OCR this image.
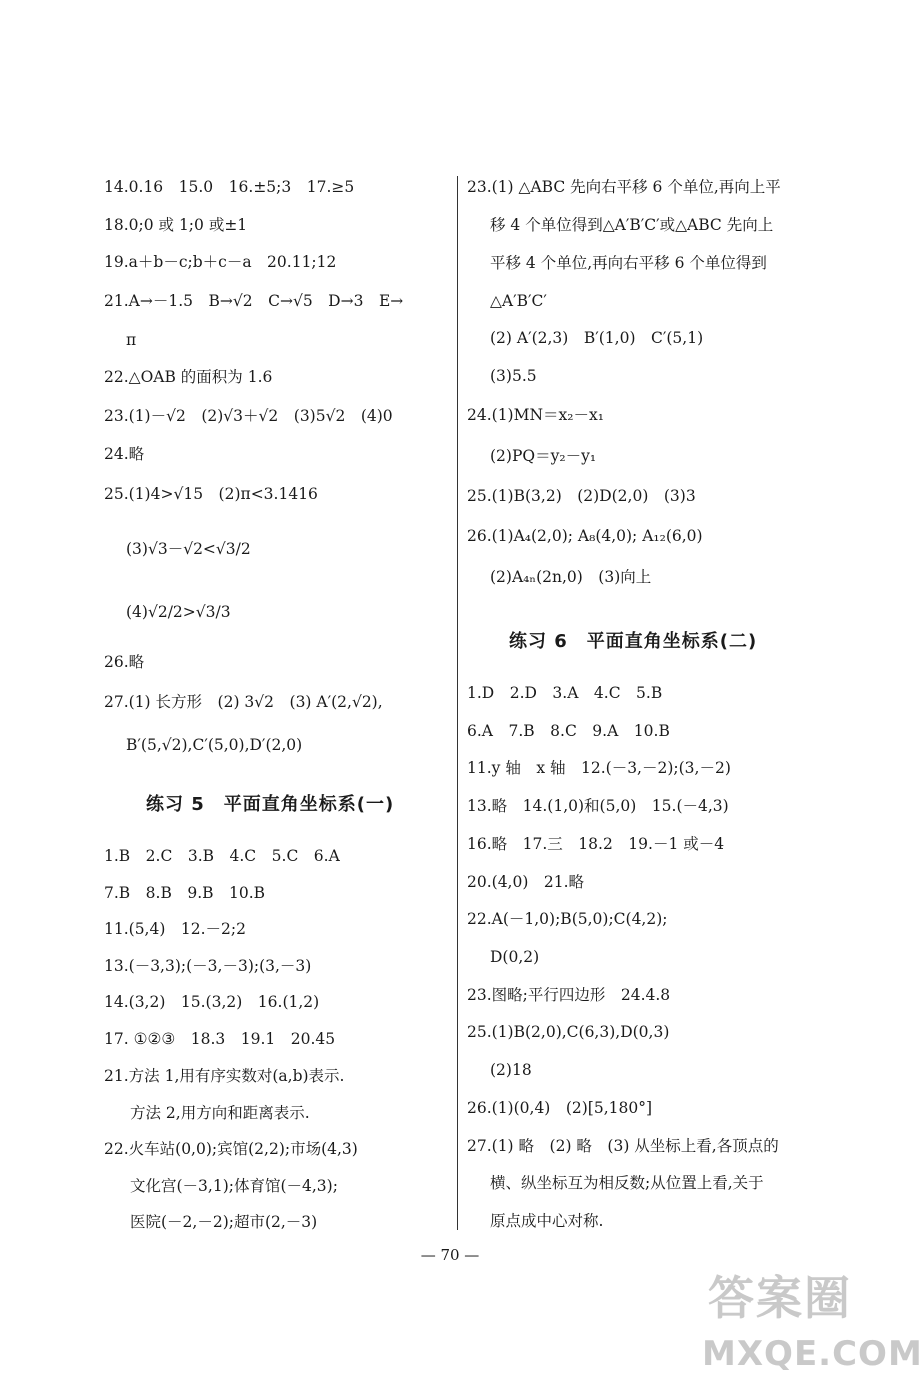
14.0.16　15.0　16.±5;3　17.≥5
18.0;0 或 1;0 或±1
19.a＋b－c;b＋c－a　20.11;12
21.A→－1.5　B→√2　C→√5　D→3　E→
π
22.△OAB 的面积为 1.6
23.(1)－√2　(2)√3＋√2　(3)5√2　(4)0
24.略
25.(1)4>√15　(2)π<3.1416
(3)√3－√2<√3/2
(4)√2/2>√3/3
26.略
27.(1) 长方形　(2) 3√2　(3) A′(2,√2),
B′(5,√2),C′(5,0),D′(2,0)
练习 5　平面直角坐标系(一)
1.B　2.C　3.B　4.C　5.C　6.A
7.B　8.B　9.B　10.B
11.(5,4)　12.－2;2
13.(－3,3);(－3,－3);(3,－3)
14.(3,2)　15.(3,2)　16.(1,2)
17. ①②③　18.3　19.1　20.45
21.方法 1,用有序实数对(a,b)表示.
方法 2,用方向和距离表示.
22.火车站(0,0);宾馆(2,2);市场(4,3)
文化宫(－3,1);体育馆(－4,3);
医院(－2,－2);超市(2,－3)
23.(1) △ABC 先向右平移 6 个单位,再向上平
移 4 个单位得到△A′B′C′或△ABC 先向上
平移 4 个单位,再向右平移 6 个单位得到
△A′B′C′
(2) A′(2,3)　B′(1,0)　C′(5,1)
(3)5.5
24.(1)MN＝x₂－x₁
(2)PQ＝y₂－y₁
25.(1)B(3,2)　(2)D(2,0)　(3)3
26.(1)A₄(2,0); A₈(4,0); A₁₂(6,0)
(2)A₄ₙ(2n,0)　(3)向上
练习 6　平面直角坐标系(二)
1.D　2.D　3.A　4.C　5.B
6.A　7.B　8.C　9.A　10.B
11.y 轴　x 轴　12.(－3,－2);(3,－2)
13.略　14.(1,0)和(5,0)　15.(－4,3)
16.略　17.三　18.2　19.－1 或－4
20.(4,0)　21.略
22.A(－1,0);B(5,0);C(4,2);
D(0,2)
23.图略;平行四边形　24.4.8
25.(1)B(2,0),C(6,3),D(0,3)
(2)18
26.(1)(0,4)　(2)[5,180°]
27.(1) 略　(2) 略　(3) 从坐标上看,各顶点的
横、纵坐标互为相反数;从位置上看,关于
原点成中心对称.
— 70 —
答案圈
MXQE.COM
